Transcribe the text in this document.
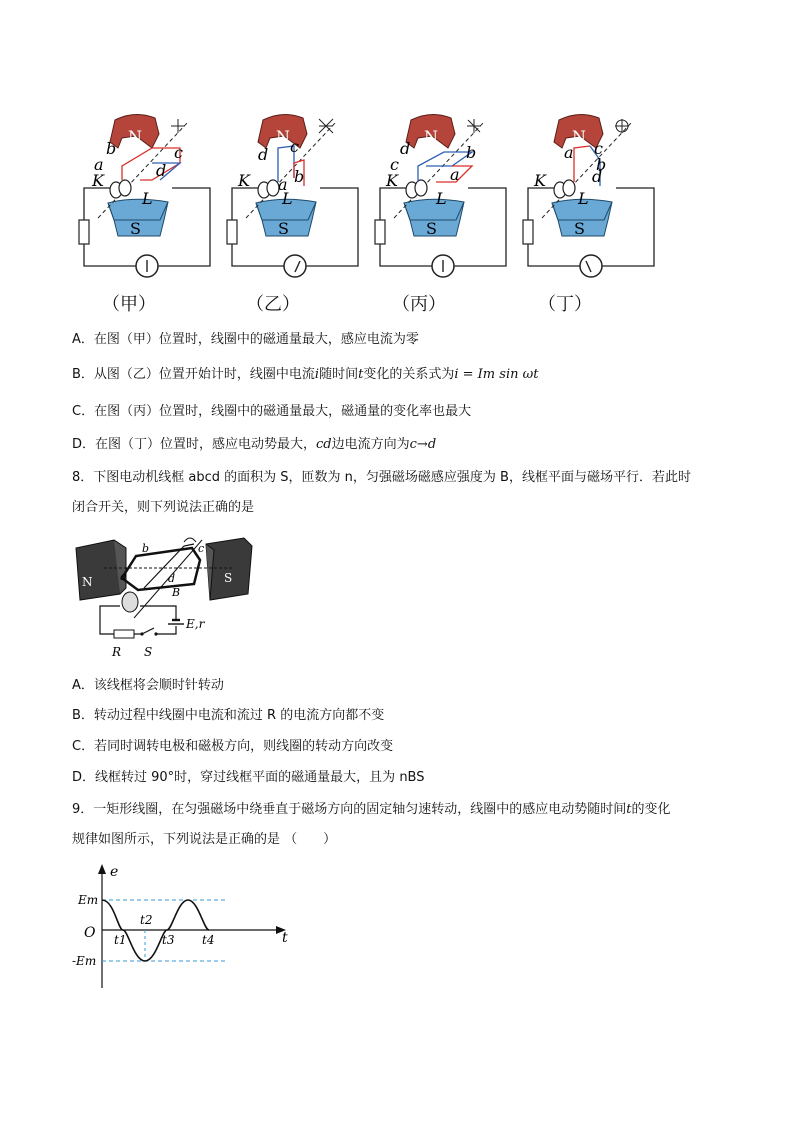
N	N	N	N
S	S	S	S
a
b	c
d
K
L
d
a b
c
K
L
c
d	b
a
K
L
a
d
b
c
K
L
（甲）	（乙）	（丙）	（丁）
A．在图（甲）位置时，线圈中的磁通量最大，感应电流为零
B．从图（乙）位置开始计时，线圈中电流i随时间t变化的关系式为i = Im sin ωt
C．在图（丙）位置时，线圈中的磁通量最大，磁通量的变化率也最大
D．在图（丁）位置时，感应电动势最大，cd边电流方向为c→d
8．下图电动机线框 abcd 的面积为 S，匝数为 n，匀强磁场磁感应强度为 B，线框平面与磁场平行．若此时
闭合开关，则下列说法正确的是
N	S
b	c
a	d
B
E,r
R S
A．该线框将会顺时针转动
B．转动过程中线圈中电流和流过 R 的电流方向都不变
C．若同时调转电极和磁极方向，则线圈的转动方向改变
D．线框转过 90°时，穿过线框平面的磁通量最大，且为 nBS
9．一矩形线圈，在匀强磁场中绕垂直于磁场方向的固定轴匀速转动，线圈中的感应电动势随时间t的变化
规律如图所示，下列说法是正确的是 （　　）
e
t
O
Em
-Em
t1
t2
t3 t4
